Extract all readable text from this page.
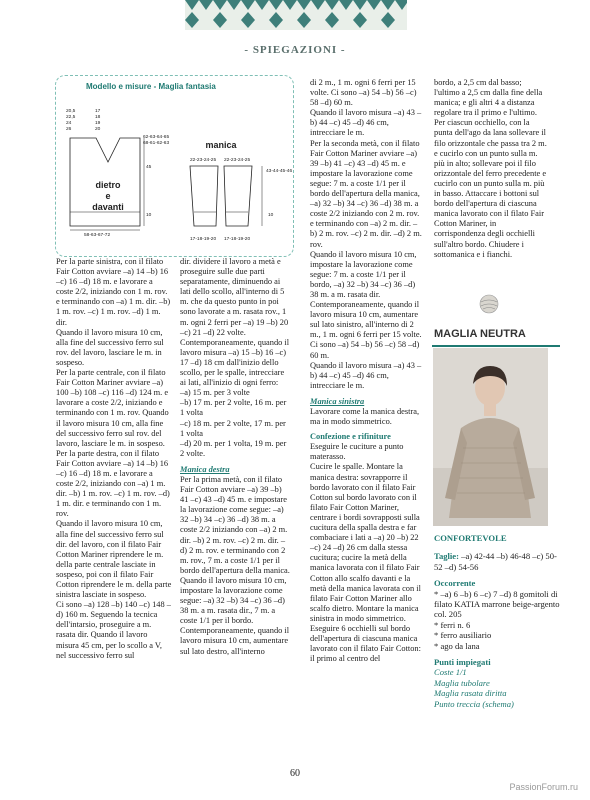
- SPIEGAZIONI -
Modello e misure - Maglia fantasia
20,5
22,5
24
26
17
18
19
20
62-63-64-65
68-61-62-63
45
10
58-63-67-72
22-23-24-25 22-23-24-25
43-44-45-46
10
17-18-19-20 17-18-19-20
dietro
e
davanti
manica

Per la parte sinistra, con il filato Fair Cotton avviare –a) 14 –b) 16 –c) 16 –d) 18 m. e lavorare a coste 2/2, iniziando con 1 m. rov. e terminando con –a) 1 m. dir. –b) 1 m. rov. –c) 1 m. rov. –d) 1 m. dir.

Quando il lavoro misura 10 cm, alla fine del successivo ferro sul rov. del lavoro, lasciare le m. in sospeso.

Per la parte centrale, con il filato Fair Cotton Mariner avviare –a) 100 –b) 108 –c) 116 –d) 124 m. e lavorare a coste 2/2, iniziando e terminando con 1 m. rov. Quando il lavoro misura 10 cm, alla fine del successivo ferro sul rov. del lavoro, lasciare le m. in sospeso.

Per la parte destra, con il filato Fair Cotton avviare –a) 14 –b) 16 –c) 16 –d) 18 m. e lavorare a coste 2/2, iniziando con –a) 1 m. dir. –b) 1 m. rov. –c) 1 m. rov. –d) 1 m. dir. e terminando con 1 m. rov.

Quando il lavoro misura 10 cm, alla fine del successivo ferro sul dir. del lavoro, con il filato Fair Cotton Mariner riprendere le m. della parte centrale lasciate in sospeso, poi con il filato Fair Cotton riprendere le m. della parte sinistra lasciate in sospeso.

Ci sono –a) 128 –b) 140 –c) 148 –d) 160 m. Seguendo la tecnica dell'intarsio, proseguire a m. rasata dir. Quando il lavoro misura 45 cm, per lo scollo a V, nel successivo ferro sul

dir. dividere il lavoro a metà e proseguire sulle due parti separatamente, diminuendo ai lati dello scollo, all'interno di 5 m. che da questo punto in poi sono lavorate a m. rasata rov., 1 m. ogni 2 ferri per –a) 19 –b) 20 –c) 21 –d) 22 volte.

Contemporaneamente, quando il lavoro misura –a) 15 –b) 16 –c) 17 –d) 18 cm dall'inizio dello scollo, per le spalle, intrecciare ai lati, all'inizio di ogni ferro:

–a) 15 m. per 3 volte

–b) 17 m. per 2 volte, 16 m. per 1 volta

–c) 18 m. per 2 volte, 17 m. per 1 volta

–d) 20 m. per 1 volta, 19 m. per 2 volte.

Manica destra

Per la prima metà, con il filato Fair Cotton avviare –a) 39 –b) 41 –c) 43 –d) 45 m. e impostare la lavorazione come segue: –a) 32 –b) 34 –c) 36 –d) 38 m. a coste 2/2 iniziando con –a) 2 m. dir. –b) 2 m. rov. –c) 2 m. dir. –d) 2 m. rov. e terminando con 2 m. rov., 7 m. a coste 1/1 per il bordo dell'apertura della manica.

Quando il lavoro misura 10 cm, impostare la lavorazione come segue: –a) 32 –b) 34 –c) 36 –d) 38 m. a m. rasata dir., 7 m. a coste 1/1 per il bordo.

Contemporaneamente, quando il lavoro misura 10 cm, aumentare sul lato destro, all'interno

di 2 m., 1 m. ogni 6 ferri per 15 volte. Ci sono –a) 54 –b) 56 –c) 58 –d) 60 m.

Quando il lavoro misura –a) 43 –b) 44 –c) 45 –d) 46 cm, intrecciare le m.

Per la seconda metà, con il filato Fair Cotton Mariner avviare –a) 39 –b) 41 –c) 43 –d) 45 m. e impostare la lavorazione come segue: 7 m. a coste 1/1 per il bordo dell'apertura della manica, –a) 32 –b) 34 –c) 36 –d) 38 m. a coste 2/2 iniziando con 2 m. rov. e terminando con –a) 2 m. dir. –b) 2 m. rov. –c) 2 m. dir. –d) 2 m. rov.

Quando il lavoro misura 10 cm, impostare la lavorazione come segue: 7 m. a coste 1/1 per il bordo, –a) 32 –b) 34 –c) 36 –d) 38 m. a m. rasata dir.

Contemporaneamente, quando il lavoro misura 10 cm, aumentare sul lato sinistro, all'interno di 2 m., 1 m. ogni 6 ferri per 15 volte. Ci sono –a) 54 –b) 56 –c) 58 –d) 60 m.

Quando il lavoro misura –a) 43 –b) 44 –c) 45 –d) 46 cm, intrecciare le m.

Manica sinistra

Lavorare come la manica destra, ma in modo simmetrico.

Confezione e rifiniture

Eseguire le cuciture a punto materasso.

Cucire le spalle. Montare la manica destra: sovrapporre il bordo lavorato con il filato Fair Cotton sul bordo lavorato con il filato Fair Cotton Mariner, centrare i bordi sovrapposti sulla cucitura della spalla destra e far combaciare i lati a –a) 20 –b) 22 –c) 24 –d) 26 cm dalla stessa cucitura; cucire la metà della manica lavorata con il filato Fair Cotton allo scalfo davanti e la metà della manica lavorata con il filato Fair Cotton Mariner allo scalfo dietro. Montare la manica sinistra in modo simmetrico.

Eseguire 6 occhielli sul bordo dell'apertura di ciascuna manica lavorato con il filato Fair Cotton: il primo al centro del

bordo, a 2,5 cm dal basso; l'ultimo a 2,5 cm dalla fine della manica; e gli altri 4 a distanza regolare tra il primo e l'ultimo. Per ciascun occhiello, con la punta dell'ago da lana sollevare il filo orizzontale che passa tra 2 m. e cucirlo con un punto sulla m. più in alto; sollevare poi il filo orizzontale del ferro precedente e cucirlo con un punto sulla m. più in basso. Attaccare i bottoni sul bordo dell'apertura di ciascuna manica lavorato con il filato Fair Cotton Mariner, in corrispondenza degli occhielli sull'altro bordo. Chiudere i sottomanica e i fianchi.

MAGLIA NEUTRA

CONFORTEVOLE

Taglie: –a) 42-44 –b) 46-48 –c) 50-52 –d) 54-56

Occorrente

* –a) 6 –b) 6 –c) 7 –d) 8 gomitoli di filato KATIA marrone beige-argento col. 205

* ferri n. 6

* ferro ausiliario

* ago da lana

Punti impiegati

Coste 1/1

Maglia tubolare

Maglia rasata diritta

Punto treccia (schema)

60
PassionForum.ru
